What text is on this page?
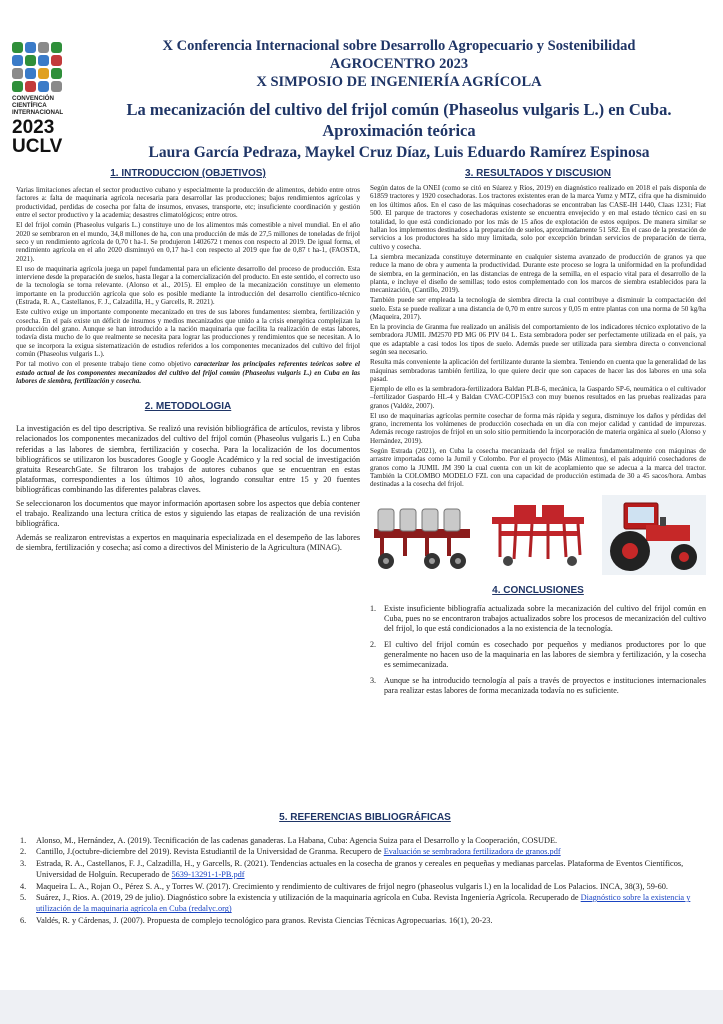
CONVENCIÓN
CIENTÍFICA
INTERNACIONAL
2023
UCLV
X Conferencia Internacional sobre Desarrollo Agropecuario y Sostenibilidad
AGROCENTRO 2023
X SIMPOSIO DE INGENIERÍA AGRÍCOLA
La mecanización del cultivo del frijol común (Phaseolus vulgaris L.) en Cuba.
Aproximación teórica
Laura García Pedraza, Maykel Cruz Díaz, Luis Eduardo Ramírez Espinosa
1. INTRODUCCION (OBJETIVOS)

Varias limitaciones afectan el sector productivo cubano y especialmente la producción de alimentos, debido entre otros factores a: falta de maquinaria agrícola necesaria para desarrollar las producciones; bajos rendimientos agrícolas y productividad, perdidas de cosecha por falta de insumos, envases, transporte, etc; insuficiente coordinación y gestión entre el sector productivo y la academia; desastres climatológicos; entre otros.

El del frijol común (Phaseolus vulgaris L.) constituye uno de los alimentos más comestible a nivel mundial. En el año 2020 se sembraron en el mundo, 34,8 millones de ha, con una producción de más de 27,5 millones de toneladas de frijol seco y un rendimiento agrícola de 0,70 t ha-1. Se produjeron 1402672 t menos con respecto al 2019. De igual forma, el rendimiento agrícola en el año 2020 disminuyó en 0,17 ha-1 con respecto al 2019 que fue de 0,87 t ha-1, (FAOSTA, 2021).

El uso de maquinaria agrícola juega un papel fundamental para un eficiente desarrollo del proceso de producción. Esta interviene desde la preparación de suelos, hasta llegar a la comercialización del producto. En este sentido, el correcto uso de la tecnología se torna relevante. (Alonso et al., 2015). El empleo de la mecanización constituye un elemento importante en la producción agrícola que solo es posible mediante la introducción del desarrollo científico-técnico (Estrada, R. A., Castellanos, F. J., Calzadilla, H., y Garcells, R. 2021).

Este cultivo exige un importante componente mecanizado en tres de sus labores fundamentes: siembra, fertilización y cosecha. En el país existe un déficit de insumos y medios mecanizados que unido a la crisis energética complejizan la producción del grano. Aunque se han introducido a la nación maquinaria que facilita la realización de estas labores, todavía dista mucho de lo que realmente se necesita para lograr las producciones y rendimientos que se necesitan. A lo que se incorpora la exigua sistematización de estudios referidos a los componentes mecanizados del cultivo del frijol común (Phaseolus vulgaris L.).

Por tal motivo con el presente trabajo tiene como objetivo caracterizar los principales referentes teóricos sobre el estado actual de los componentes mecanizados del cultivo del frijol común (Phaseolus vulgaris L.) en Cuba en las labores de siembra, fertilización y cosecha.

2. METODOLOGIA

La investigación es del tipo descriptiva. Se realizó una revisión bibliográfica de artículos, revista y libros relacionados los componentes mecanizados del cultivo del frijol común (Phaseolus vulgaris L.) en Cuba referidas a las labores de siembra, fertilización y cosecha. Para la localización de los documentos bibliográficos se utilizaron los buscadores Google y Google Académico y la red social de investigación gratuita ResearchGate. Se filtraron los trabajos de autores cubanos que se encuentran en estas plataformas, correspondientes a los últimos 10 años, logrando consultar entre 15 y 20 fuentes bibliográficas combinando las diferentes palabras claves.

Se seleccionaron los documentos que mayor información aportasen sobre los aspectos que debía contener el trabajo. Realizando una lectura crítica de estos y siguiendo las etapas de realización de una revisión bibliográfica.

Además se realizaron entrevistas a expertos en maquinaria especializada en el desempeño de las labores de siembra, fertilización y cosecha; así como a directivos del Ministerio de la Agricultura (MINAG).

3. RESULTADOS Y DISCUSION

Según datos de la ONEI (como se citó en Súarez y Ríos, 2019) en diagnóstico realizado en 2018 el país disponía de 61859 tractores y 1920 cosechadoras. Los tractores existentes eran de la marca Yumz y MTZ, cifra que ha disminuido en los últimos años. En el caso de las máquinas cosechadoras se encontraban las CASE-IH 1440, Claas 1231; Fiat 500. El parque de tractores y cosechadoras existente se encuentra envejecido y en mal estado técnico casi en su totalidad, lo que está condicionado por los más de 15 años de explotación de estos equipos. De manera similar se hallan los implementos destinados a la preparación de suelos, aproximadamente 51 582. En el caso de la prestación de servicios a los productores ha sido muy limitada, solo por excepción brindan servicios de preparación de tierra, cultivo y cosecha.

La siembra mecanizada constituye determinante en cualquier sistema avanzado de producción de granos ya que reduce la mano de obra y aumenta la productividad. Durante este proceso se logra la uniformidad en la profundidad de siembra, en la germinación, en las distancias de entrega de la semilla, en el espacio vital para el desarrollo de la planta, e incluye el diseño de semillas; todo estos complementado con los marcos de siembra establecidos para la mecanización, (Cantillo, 2019).

También puede ser empleada la tecnología de siembra directa la cual contribuye a disminuir la compactación del suelo. Esta se puede realizar a una distancia de 0,70 m entre surcos y 0,05 m entre plantas con una norma de 50 kg/ha (Maqueira, 2017).

En la provincia de Granma fue realizado un análisis del comportamiento de los indicadores técnico explotativo de la sembradora JUMIL JM2570 PD MG 06 PIV 04 L. Esta sembradora poder ser perfectamente utilizada en el país, ya que es adaptable a casi todos los tipos de suelo. Además puede ser utilizada para siembra directa o convencional según sea necesario.

Resulta más conveniente la aplicación del fertilizante durante la siembra. Teniendo en cuenta que la generalidad de las máquinas sembradoras también fertiliza, lo que quiere decir que son capaces de hacer las dos labores en una sola pasad.

Ejemplo de ello es la sembradora-fertilizadora Baldan PLB-6, mecánica, la Gaspardo SP-6, neumática o el cultivador –fertilizador Gaspardo HL-4 y Baldan CVAC-COP15x3 con muy buenos resultados en las pruebas realizadas para granos (Valdéz, 2007).

El uso de maquinarias agrícolas permite cosechar de forma más rápida y segura, disminuye los daños y pérdidas del grano, incrementa los volúmenes de producción cosechada en un día con mejor calidad y cantidad de impurezas. Además recoge rastrojos de frijol en un solo sitio permitiendo la incorporación de materia orgánica al suelo (Alonso y Hernández, 2019).

Según Estrada (2021), en Cuba la cosecha mecanizada del frijol se realiza fundamentalmente con máquinas de arrastre importadas como la Jumil y Colombo. Por el proyecto (Más Alimentos), el país adquirió cosechadores de granos como la JUMIL JM 390 la cual cuenta con un kit de acoplamiento que se adecua a la marca del tractor. También la COLOMBO MODELO FZL con una capacidad de producción estimada de 30 a 45 sacos/hora. Ambas destinadas a la cosecha del frijol.

4. CONCLUSIONES
1. Existe insuficiente bibliografía actualizada sobre la mecanización del cultivo del frijol común en Cuba, pues no se encontraron trabajos actualizados sobre los procesos de mecanización del cultivo del frijol, lo que está condicionados a la no existencia de la tecnología.
2. El cultivo del frijol común es cosechado por pequeños y medianos productores por lo que generalmente no hacen uso de la maquinaria en las labores de siembra y fertilización, y la cosecha es semimecanizada.
3. Aunque se ha introducido tecnología al país a través de proyectos e instituciones internacionales para realizar estas labores de forma mecanizada todavía no es suficiente.
5. REFERENCIAS BIBLIOGRÁFICAS
1.	Alonso, M., Hernández, A. (2019). Tecnificación de las cadenas ganaderas. La Habana, Cuba: Agencia Suiza para el Desarrollo y la Cooperación, COSUDE.
2.	Cantillo, J.(octubre-diciembre del 2019). Revista Estudiantil de la Universidad de Granma. Recupero de Evaluación se sembradora fertilizadora de granos.pdf
3.	Estrada, R. A., Castellanos, F. J., Calzadilla, H., y Garcells, R. (2021). Tendencias actuales en la cosecha de granos y cereales en pequeñas y medianas parcelas. Plataforma de Eventos Científicos, Universidad de Holguín. Recuperado de 5639-13291-1-PB.pdf
4.	Maqueira L. A., Rojan O., Pérez S. A., y Torres W. (2017). Crecimiento y rendimiento de cultivares de frijol negro (phaseolus vulgaris l.) en la localidad de Los Palacios. INCA, 38(3), 59-60.
5.	Suárez, J., Rios. A. (2019, 29 de julio). Diagnóstico sobre la existencia y utilización de la maquinaria agrícola en Cuba. Revista Ingeniería Agrícola. Recuperado de Diagnóstico sobre la existencia y utilización de la maquinaria agrícola en Cuba (redalyc.org)
6.	Valdés, R. y Cárdenas, J. (2007). Propuesta de complejo tecnológico para granos. Revista Ciencias Técnicas Agropecuarias. 16(1), 20-23.
